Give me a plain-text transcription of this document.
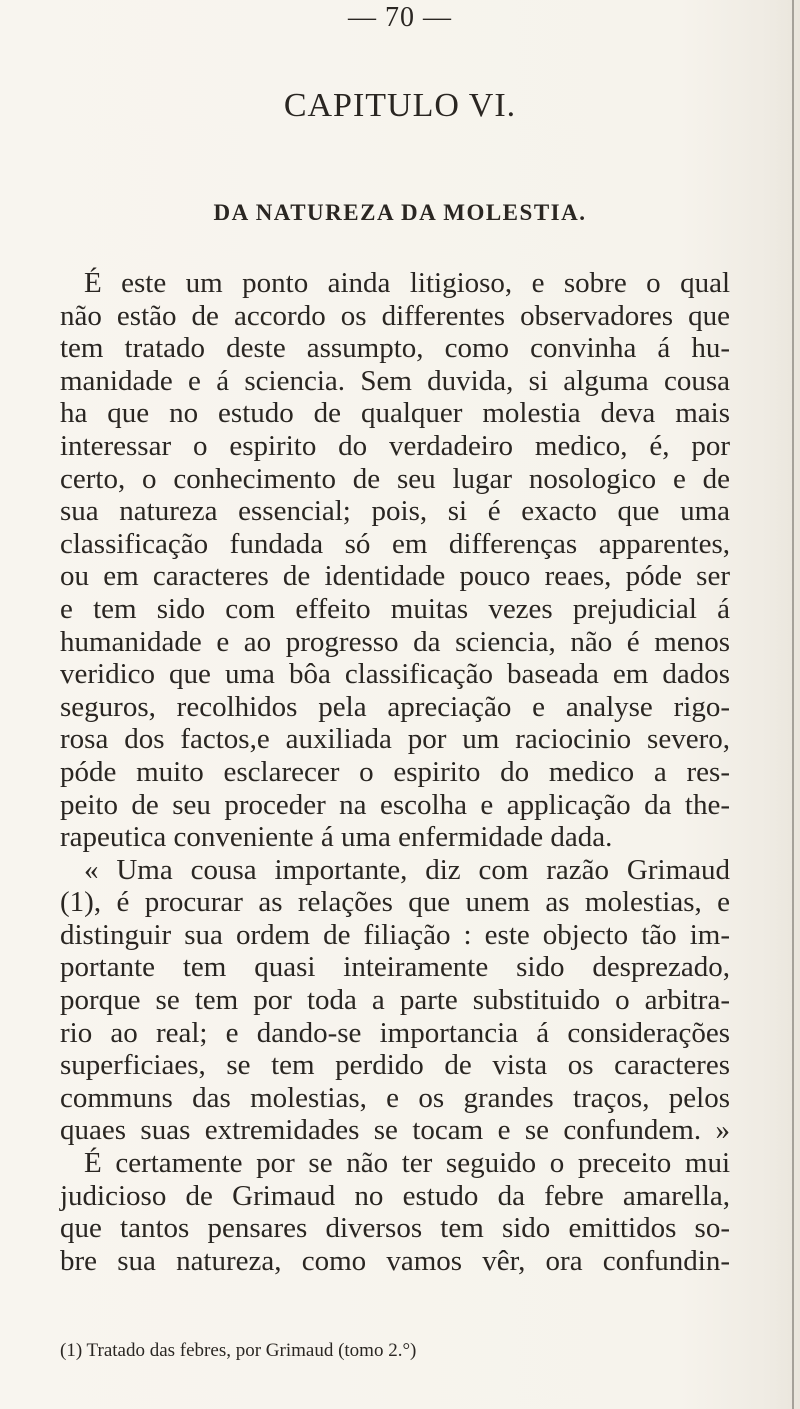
— 70 —
CAPITULO VI.
DA NATUREZA DA MOLESTIA.
É este um ponto ainda litigioso, e sobre o qual
não estão de accordo os differentes observadores que
tem tratado deste assumpto, como convinha á hu-
manidade e á sciencia. Sem duvida, si alguma cousa
ha que no estudo de qualquer molestia deva mais
interessar o espirito do verdadeiro medico, é, por
certo, o conhecimento de seu lugar nosologico e de
sua natureza essencial; pois, si é exacto que uma
classificação fundada só em differenças apparentes,
ou em caracteres de identidade pouco reaes, póde ser
e tem sido com effeito muitas vezes prejudicial á
humanidade e ao progresso da sciencia, não é menos
veridico que uma bôa classificação baseada em dados
seguros, recolhidos pela apreciação e analyse rigo-
rosa dos factos,e auxiliada por um raciocinio severo,
póde muito esclarecer o espirito do medico a res-
peito de seu proceder na escolha e applicação da the-
rapeutica conveniente á uma enfermidade dada.
« Uma cousa importante, diz com razão Grimaud
(1), é procurar as relações que unem as molestias, e
distinguir sua ordem de filiação : este objecto tão im-
portante tem quasi inteiramente sido desprezado,
porque se tem por toda a parte substituido o arbitra-
rio ao real; e dando-se importancia á considerações
superficiaes, se tem perdido de vista os caracteres
communs das molestias, e os grandes traços, pelos
quaes suas extremidades se tocam e se confundem. »
É certamente por se não ter seguido o preceito mui
judicioso de Grimaud no estudo da febre amarella,
que tantos pensares diversos tem sido emittidos so-
bre sua natureza, como vamos vêr, ora confundin-
(1) Tratado das febres, por Grimaud (tomo 2.°)
